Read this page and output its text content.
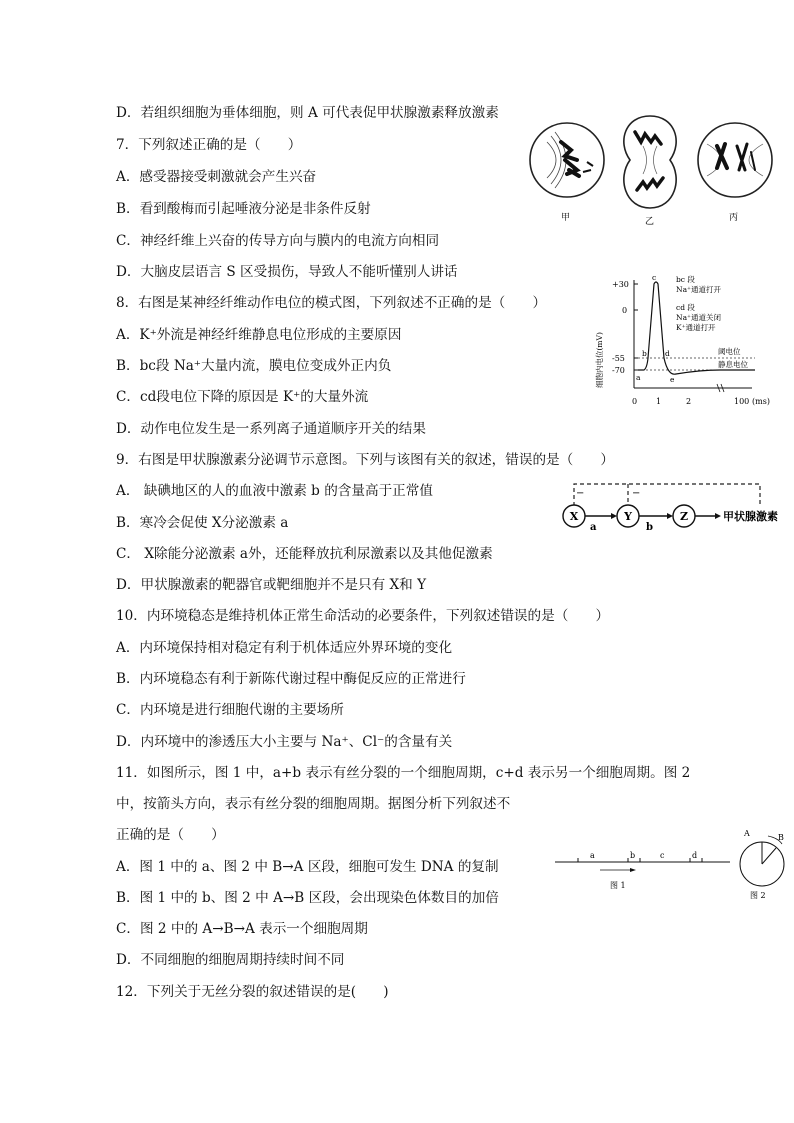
D．若组织细胞为垂体细胞，则 A 可代表促甲状腺激素释放激素
7．下列叙述正确的是（　　）
A．感受器接受刺激就会产生兴奋
B．看到酸梅而引起唾液分泌是非条件反射
C．神经纤维上兴奋的传导方向与膜内的电流方向相同
D．大脑皮层语言 S 区受损伤，导致人不能听懂别人讲话
8．右图是某神经纤维动作电位的模式图，下列叙述不正确的是（　　）
A．K⁺外流是神经纤维静息电位形成的主要原因
B．bc段 Na⁺大量内流，膜电位变成外正内负
C．cd段电位下降的原因是 K⁺的大量外流
D．动作电位发生是一系列离子通道顺序开关的结果
9．右图是甲状腺激素分泌调节示意图。下列与该图有关的叙述，错误的是（　　）
A． 缺碘地区的人的血液中激素 b 的含量高于正常值
B．寒冷会促使 X分泌激素 a
C． X除能分泌激素 a外，还能释放抗利尿激素以及其他促激素
D．甲状腺激素的靶器官或靶细胞并不是只有 X和 Y
10．内环境稳态是维持机体正常生命活动的必要条件，下列叙述错误的是（　　）
A．内环境保持相对稳定有利于机体适应外界环境的变化
B．内环境稳态有利于新陈代谢过程中酶促反应的正常进行
C．内环境是进行细胞代谢的主要场所
D．内环境中的渗透压大小主要与 Na⁺、Cl⁻的含量有关
11．如图所示，图 1 中，a+b 表示有丝分裂的一个细胞周期，c+d 表示另一个细胞周期。图 2
中，按箭头方向，表示有丝分裂的细胞周期。据图分析下列叙述不
正确的是（　　）
A．图 1 中的 a、图 2 中 B→A 区段，细胞可发生 DNA 的复制
B．图 1 中的 b、图 2 中 A→B 区段，会出现染色体数目的加倍
C．图 2 中的 A→B→A 表示一个细胞周期
D．不同细胞的细胞周期持续时间不同
12．下列关于无丝分裂的叙述错误的是(　　)
甲	乙	丙
细胞内电位(mV)
+30
0
-55
-70
阈电位
静息电位
a
b
c
d
e
0 1	2	100 (ms)
bc 段
Na⁺通道打开
cd 段
Na⁺通道关闭
K⁺通道打开
−	−
X	Y	Z
a	b
甲状腺激素
a	b	c	d
图 1
A	B
图 2
